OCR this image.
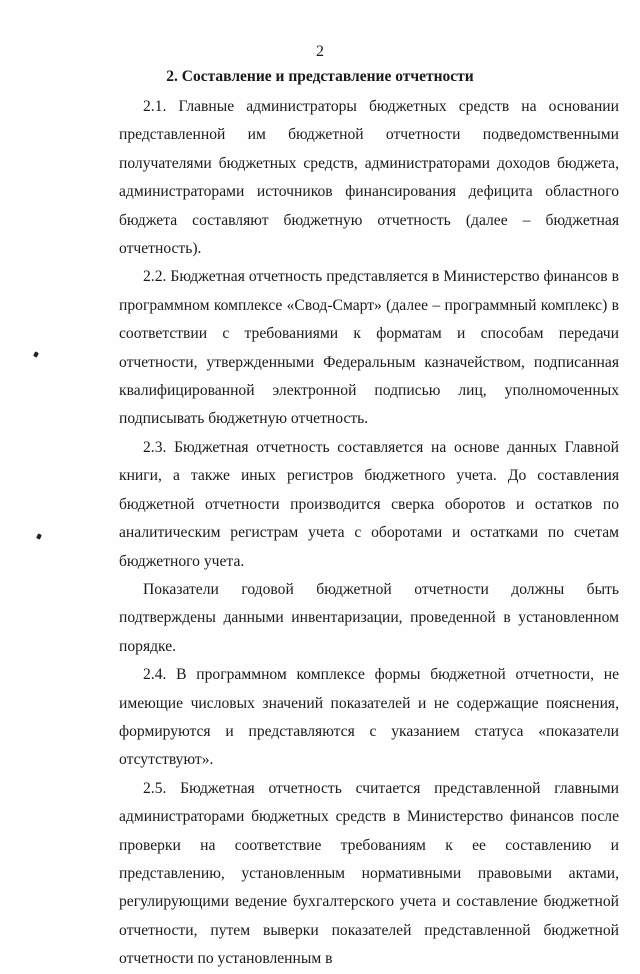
2
2. Составление и представление отчетности

2.1. Главные администраторы бюджетных средств на основании представленной им бюджетной отчетности подведомственными получателями бюджетных средств, администраторами доходов бюджета, администраторами источников финансирования дефицита областного бюджета составляют бюджетную отчетность (далее – бюджетная отчетность).

2.2. Бюджетная отчетность представляется в Министерство финансов в программном комплексе «Свод-Смарт» (далее – программный комплекс) в соответствии с требованиями к форматам и способам передачи отчетности, утвержденными Федеральным казначейством, подписанная квалифицированной электронной подписью лиц, уполномоченных подписывать бюджетную отчетность.

2.3. Бюджетная отчетность составляется на основе данных Главной книги, а также иных регистров бюджетного учета. До составления бюджетной отчетности производится сверка оборотов и остатков по аналитическим регистрам учета с оборотами и остатками по счетам бюджетного учета.

Показатели годовой бюджетной отчетности должны быть подтверждены данными инвентаризации, проведенной в установленном порядке.

2.4. В программном комплексе формы бюджетной отчетности, не имеющие числовых значений показателей и не содержащие пояснения, формируются и представляются с указанием статуса «показатели отсутствуют».

2.5. Бюджетная отчетность считается представленной главными администраторами бюджетных средств в Министерство финансов после проверки на соответствие требованиям к ее составлению и представлению, установленным нормативными правовыми актами, регулирующими ведение бухгалтерского учета и составление бюджетной отчетности, путем выверки показателей представленной бюджетной отчетности по установленным в
